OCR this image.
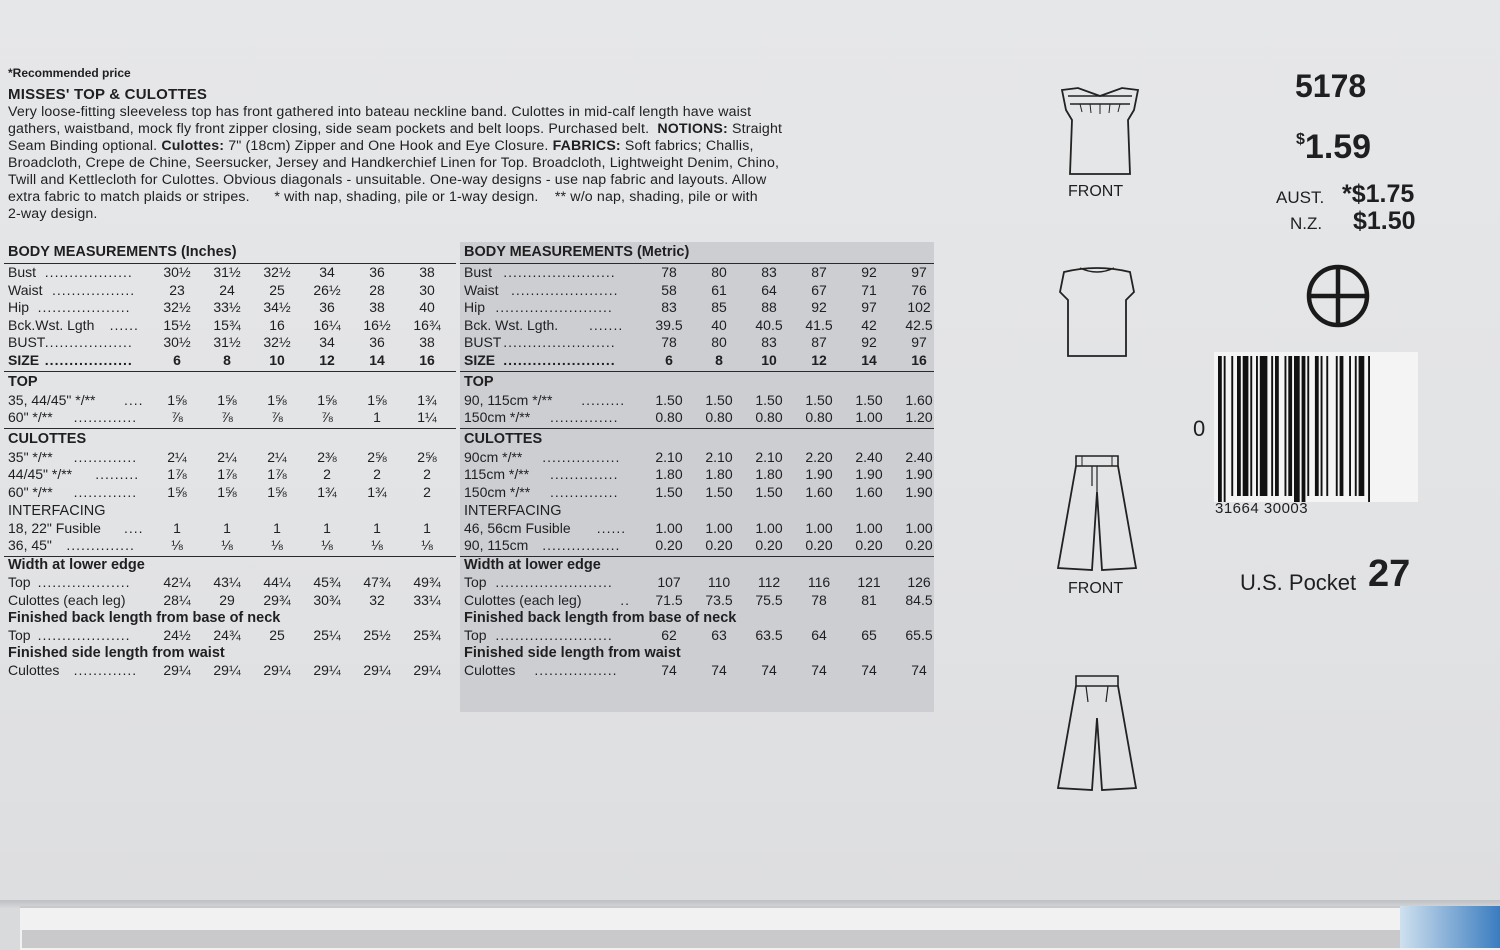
*Recommended price
MISSES' TOP & CULOTTES
Very loose-fitting sleeveless top has front gathered into bateau neckline band. Culottes in mid-calf length have waist
gathers, waistband, mock fly front zipper closing, side seam pockets and belt loops. Purchased belt. NOTIONS: Straight
Seam Binding optional. Culottes: 7" (18cm) Zipper and One Hook and Eye Closure. FABRICS: Soft fabrics; Challis,
Broadcloth, Crepe de Chine, Seersucker, Jersey and Handkerchief Linen for Top. Broadcloth, Lightweight Denim, Chino,
Twill and Kettlecloth for Culottes. Obvious diagonals - unsuitable. One-way designs - use nap fabric and layouts. Allow
extra fabric to match plaids or stripes.      * with nap, shading, pile or 1-way design.    ** w/o nap, shading, pile or with
2-way design.
BODY MEASUREMENTS (Inches)
Bust ..................	30½	31½	32½	34	36	38
Waist .................	23	24	25	26½	28	30
Hip ...................	32½	33½	34½	36	38	40
Bck.Wst. Lgth ......	15½	15¾	16	16¼	16½	16¾
BUST ..................	30½	31½	32½	34	36	38
SIZE ..................	6	8	10	12	14	16
TOP
35, 44/45" */** ....	1⅝	1⅝	1⅝	1⅝	1⅝	1¾
60" */** .............	⅞	⅞	⅞	⅞	1	1¼
CULOTTES
35" */** .............	2¼	2¼	2¼	2⅜	2⅝	2⅝
44/45" */** .........	1⅞	1⅞	1⅞	2	2	2
60" */** .............	1⅝	1⅝	1⅝	1¾	1¾	2
INTERFACING
18, 22" Fusible ....	1	1	1	1	1	1
36, 45" ..............	⅛	⅛	⅛	⅛	⅛	⅛
Width at lower edge
Top ...................	42¼	43¼	44¼	45¾	47¾	49¾
Culottes (each leg)	28¼	29	29¾	30¾	32	33¼
Finished back length from base of neck
Top ...................	24½	24¾	25	25¼	25½	25¾
Finished side length from waist
Culottes .............	29¼	29¼	29¼	29¼	29¼	29¼
BODY MEASUREMENTS (Metric)
Bust .......................	78	80	83	87	92	97
Waist ......................	58	61	64	67	71	76
Hip ........................	83	85	88	92	97	102
Bck. Wst. Lgth. .......	39.5	40	40.5	41.5	42	42.5
BUST .......................	78	80	83	87	92	97
SIZE .......................	6	8	10	12	14	16
TOP
90, 115cm */** .........	1.50	1.50	1.50	1.50	1.50	1.60
150cm */** ..............	0.80	0.80	0.80	0.80	1.00	1.20
CULOTTES
90cm */** ................	2.10	2.10	2.10	2.20	2.40	2.40
115cm */** ..............	1.80	1.80	1.80	1.90	1.90	1.90
150cm */** ..............	1.50	1.50	1.50	1.60	1.60	1.90
INTERFACING
46, 56cm Fusible ......	1.00	1.00	1.00	1.00	1.00	1.00
90, 115cm ................	0.20	0.20	0.20	0.20	0.20	0.20
Width at lower edge
Top ........................	107	110	112	116	121	126
Culottes (each leg)	..	71.5	73.5	75.5	78	81	84.5
Finished back length from base of neck
Top ........................	62	63	63.5	64	65	65.5
Finished side length from waist
Culottes .................	74	74	74	74	74	74
FRONT
FRONT
5178
$1.59
AUST. *$1.75
N.Z. $1.50
0
31664 30003
U.S. Pocket 27
